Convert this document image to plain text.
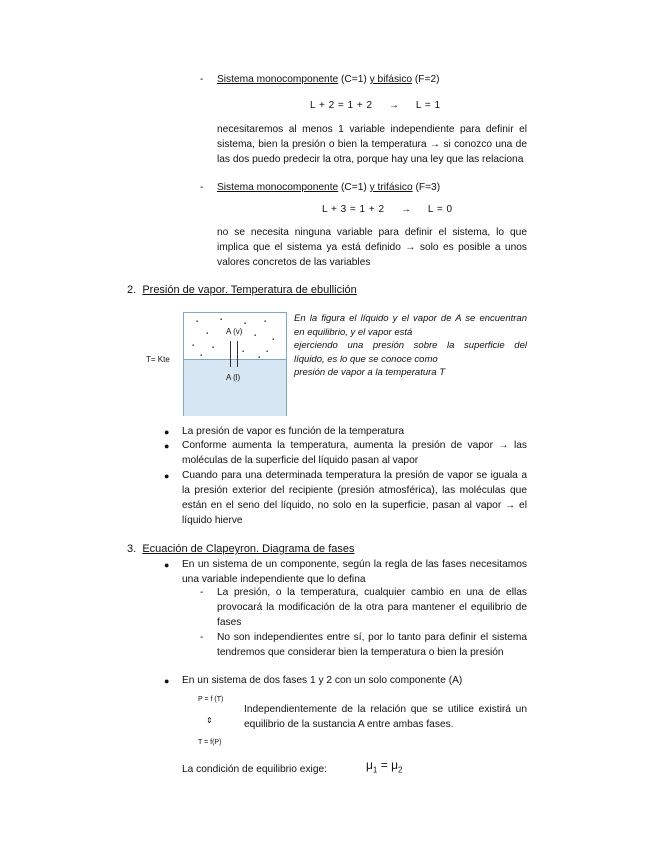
-	Sistema monocomponente (C=1) y bifásico (F=2)
L + 2 = 1 + 2 → L = 1
necesitaremos al menos 1 variable independiente para definir el sistema, bien la presión o bien la temperatura → si conozco una de las dos puedo predecir la otra, porque hay una ley que las relaciona
-	Sistema monocomponente (C=1) y trifásico (F=3)
L + 3 = 1 + 2 → L = 0
no se necesita ninguna variable para definir el sistema, lo que implica que el sistema ya está definido → solo es posible a unos valores concretos de las variables
2. Presión de vapor. Temperatura de ebullición
T= Kte
▪	▪
▪	▪
▪	▪
▪
▪	▪
▪	▪
▪	▪
A (v)
A (l)
En la figura el líquido y el vapor de A se encuentran
en equilibrio, y el vapor está
ejerciendo una presión sobre la superficie del
líquido, es lo que se conoce como
presión de vapor a la temperatura T
● La presión de vapor es función de la temperatura
● Conforme aumenta la temperatura, aumenta la presión de vapor → las moléculas de la superficie del líquido pasan al vapor
● Cuando para una determinada temperatura la presión de vapor se iguala a la presión exterior del recipiente (presión atmosférica), las moléculas que están en el seno del líquido, no solo en la superficie, pasan al vapor → el líquido hierve
3. Ecuación de Clapeyron. Diagrama de fases
● En un sistema de un componente, según la regla de las fases necesitamos una variable independiente que lo defina
-	La presión, o la temperatura, cualquier cambio en una de ellas provocará la modificación de la otra para mantener el equilibrio de fases
-	No son independientes entre sí, por lo tanto para definir el sistema tendremos que considerar bien la temperatura o bien la presión
● En un sistema de dos fases 1 y 2 con un solo componente (A)
P = f (T)
⇕
T = f(P)
Independientemente de la relación que se utilice existirá un equilibrio de la sustancia A entre ambas fases.
La condición de equilibrio exige:	$\mu_1 = \mu_2$
